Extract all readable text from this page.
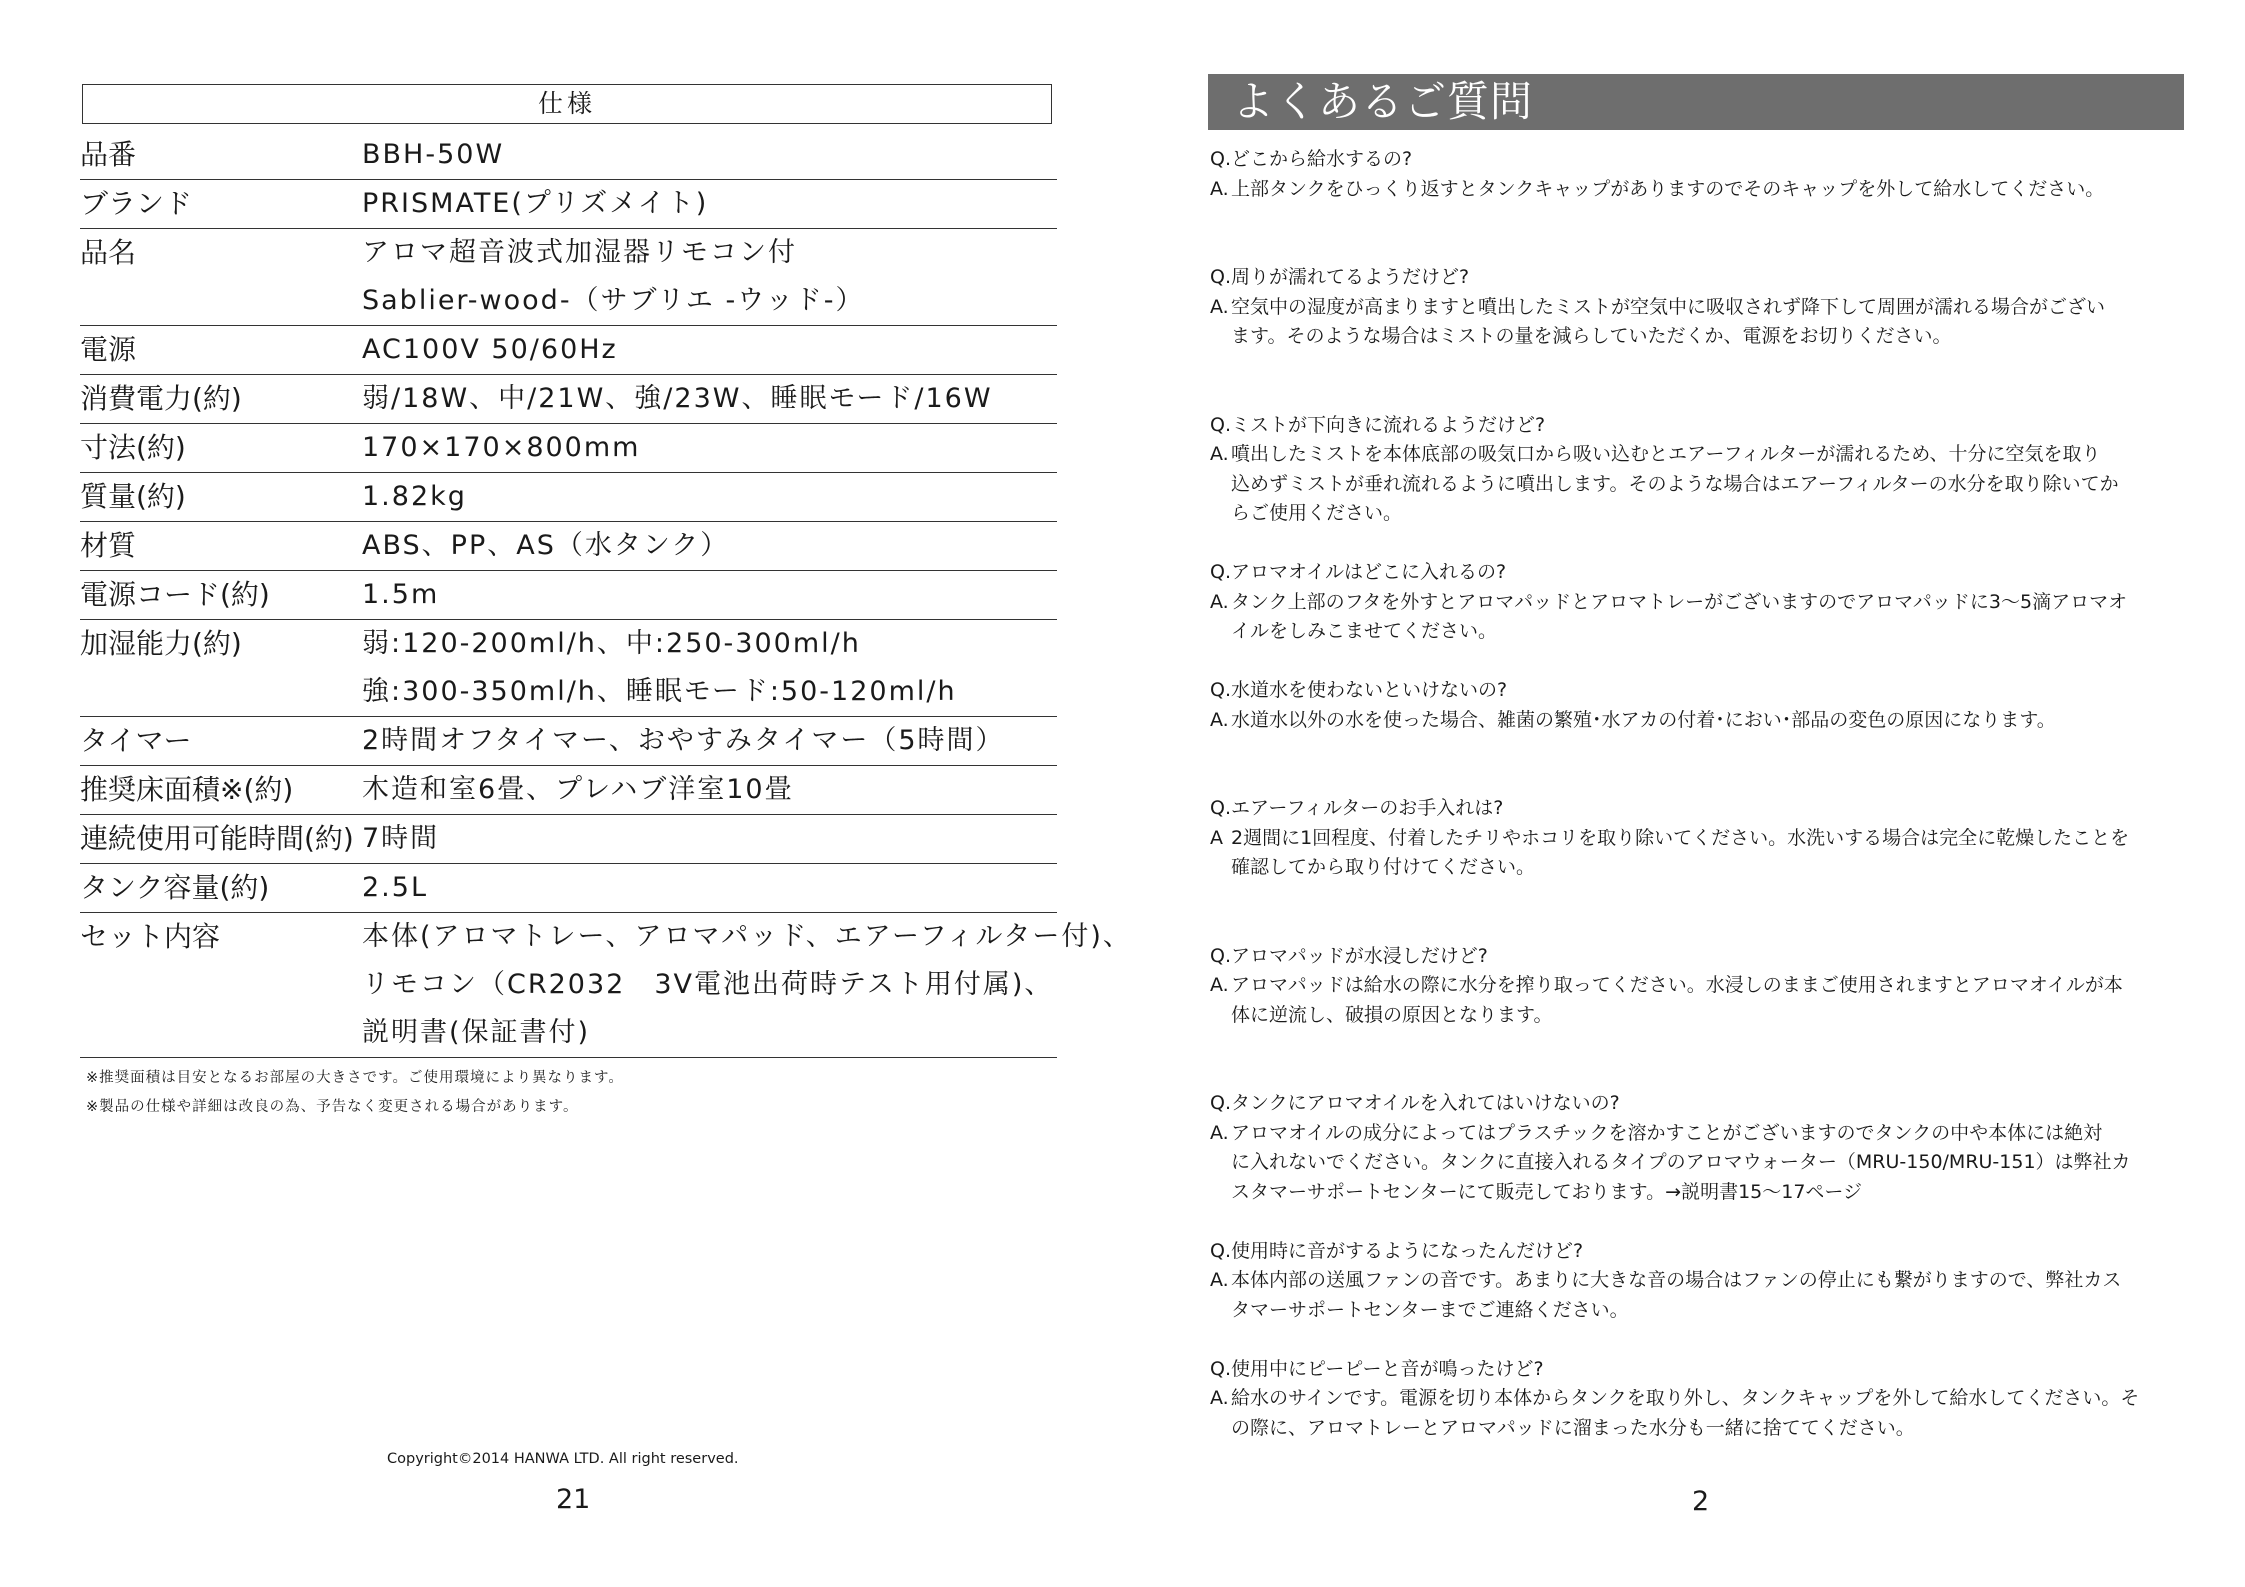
仕様
品番	BBH-50W
ブランド	PRISMATE(プリズメイト)
品名	アロマ超音波式加湿器リモコン付
Sablier-wood-（サブリエ -ウッド-）
電源	AC100V 50/60Hz
消費電力(約)	弱/18W、中/21W、強/23W、睡眠モード/16W
寸法(約)	170×170×800mm
質量(約)	1.82kg
材質	ABS、PP、AS（水タンク）
電源コード(約)	1.5m
加湿能力(約)	弱:120-200ml/h、中:250-300ml/h
強:300-350ml/h、睡眠モード:50-120ml/h
タイマー	2時間オフタイマー、おやすみタイマー（5時間）
推奨床面積※(約)	木造和室6畳、プレハブ洋室10畳
連続使用可能時間(約) 7時間
タンク容量(約)	2.5L
セット内容	本体(アロマトレー、アロマパッド、エアーフィルター付)、
リモコン（CR2032　3V電池出荷時テスト用付属)、
説明書(保証書付)
※推奨面積は目安となるお部屋の大きさです。ご使用環境により異なります。
※製品の仕様や詳細は改良の為、予告なく変更される場合があります。
Copyright©2014 HANWA LTD. All right reserved.
21
よくあるご質問
Q.どこから給水するの?
A. 上部タンクをひっくり返すとタンクキャップがありますのでそのキャップを外して給水してください。
Q.周りが濡れてるようだけど?
A. 空気中の湿度が高まりますと噴出したミストが空気中に吸収されず降下して周囲が濡れる場合がござい
ます。そのような場合はミストの量を減らしていただくか、電源をお切りください。
Q.ミストが下向きに流れるようだけど?
A. 噴出したミストを本体底部の吸気口から吸い込むとエアーフィルターが濡れるため、十分に空気を取り
込めずミストが垂れ流れるように噴出します。そのような場合はエアーフィルターの水分を取り除いてか
らご使用ください。
Q.アロマオイルはどこに入れるの?
A. タンク上部のフタを外すとアロマパッドとアロマトレーがございますのでアロマパッドに3～5滴アロマオ
イルをしみこませてください。
Q.水道水を使わないといけないの?
A. 水道水以外の水を使った場合、雑菌の繁殖･水アカの付着･におい･部品の変色の原因になります。
Q.エアーフィルターのお手入れは?
A 2週間に1回程度、付着したチリやホコリを取り除いてください。水洗いする場合は完全に乾燥したことを
確認してから取り付けてください。
Q.アロマパッドが水浸しだけど?
A. アロマパッドは給水の際に水分を搾り取ってください。水浸しのままご使用されますとアロマオイルが本
体に逆流し、破損の原因となります。
Q.タンクにアロマオイルを入れてはいけないの?
A. アロマオイルの成分によってはプラスチックを溶かすことがございますのでタンクの中や本体には絶対
に入れないでください。タンクに直接入れるタイプのアロマウォーター（MRU-150/MRU-151）は弊社カ
スタマーサポートセンターにて販売しております。→説明書15～17ページ
Q.使用時に音がするようになったんだけど?
A. 本体内部の送風ファンの音です。あまりに大きな音の場合はファンの停止にも繋がりますので、弊社カス
タマーサポートセンターまでご連絡ください。
Q.使用中にピーピーと音が鳴ったけど?
A. 給水のサインです。電源を切り本体からタンクを取り外し、タンクキャップを外して給水してください。そ
の際に、アロマトレーとアロマパッドに溜まった水分も一緒に捨ててください。
2
